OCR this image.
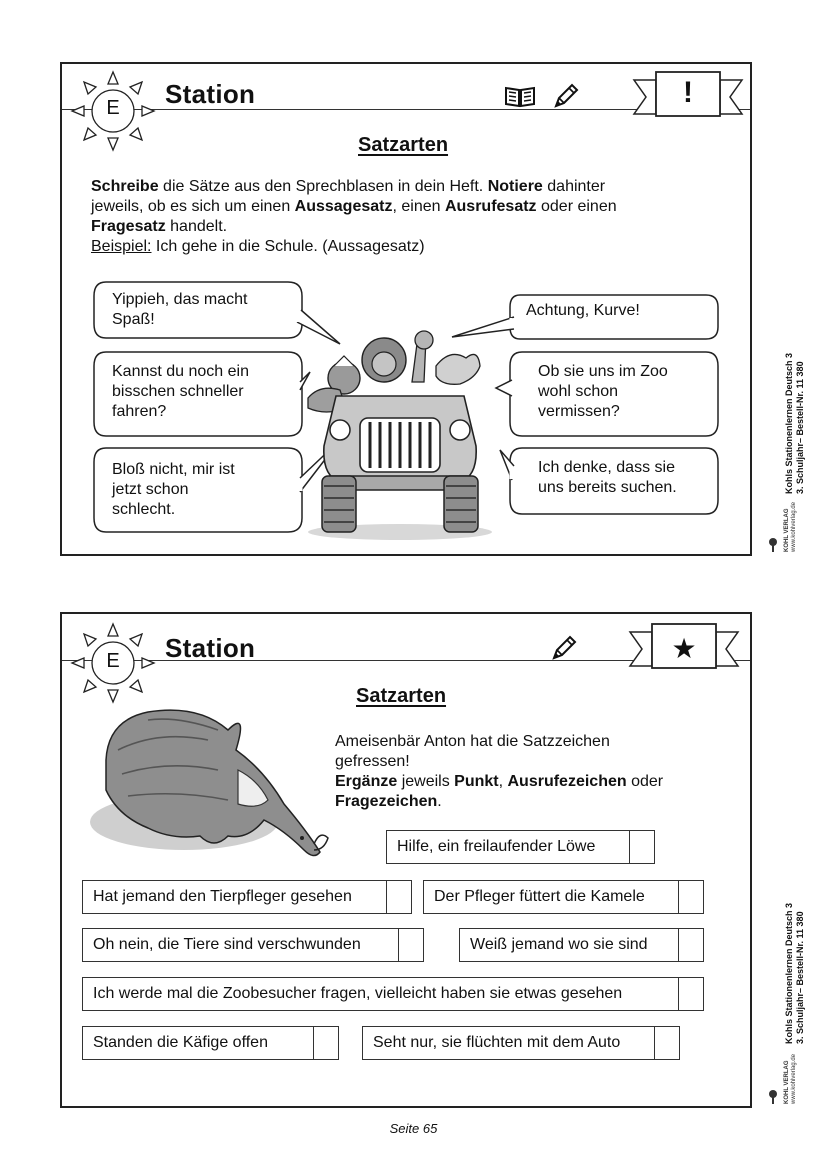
E Station	!
Satzarten
Schreibe die Sätze aus den Sprechblasen in dein Heft. Notiere dahinter
jeweils, ob es sich um einen Aussagesatz, einen Ausrufesatz oder einen
Fragesatz handelt.
Beispiel: Ich gehe in die Schule. (Aussagesatz)
Yippieh, das macht
Spaß!
Achtung, Kurve!
Kannst du noch ein
bisschen schneller
fahren?
Ob sie uns im Zoo
wohl schon
vermissen?
Bloß nicht, mir ist
jetzt schon
schlecht.
Ich denke, dass sie
uns bereits suchen.
E Station	★
Satzarten
Ameisenbär Anton hat die Satzzeichen
gefressen!
Ergänze jeweils Punkt, Ausrufezeichen oder
Fragezeichen.
Hilfe, ein freilaufender Löwe
Hat jemand den Tierpfleger gesehen	Der Pfleger füttert die Kamele
Oh nein, die Tiere sind verschwunden	Weiß jemand wo sie sind
Ich werde mal die Zoobesucher fragen, vielleicht haben sie etwas gesehen
Standen die Käfige offen	Seht nur, sie flüchten mit dem Auto
Kohls Stationenlernen Deutsch 3 3. Schuljahr– Bestell-Nr. 11 380
KOHL VERLAG www.kohlverlag.de
Kohls Stationenlernen Deutsch 3 3. Schuljahr– Bestell-Nr. 11 380
KOHL VERLAG www.kohlverlag.de
Seite 65
